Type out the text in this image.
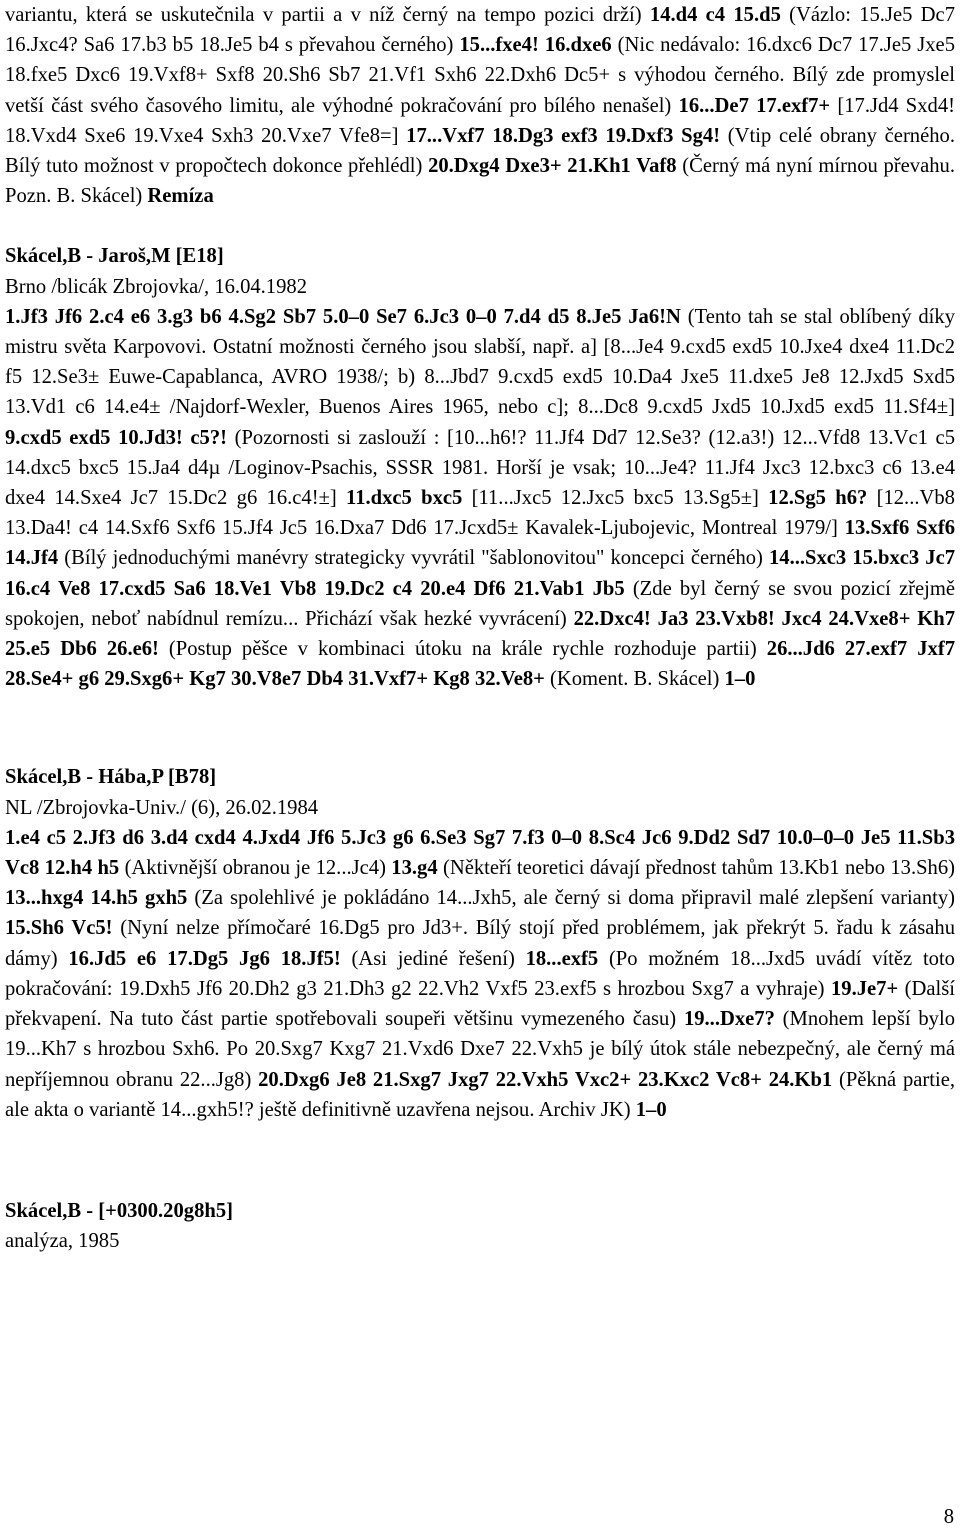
variantu, která se uskutečnila v partii a v níž černý na tempo pozici drží) 14.d4 c4 15.d5 (Vázlo: 15.Je5 Dc7 16.Jxc4? Sa6 17.b3 b5 18.Je5 b4 s převahou černého) 15...fxe4! 16.dxe6 (Nic nedávalo: 16.dxc6 Dc7 17.Je5 Jxe5 18.fxe5 Dxc6 19.Vxf8+ Sxf8 20.Sh6 Sb7 21.Vf1 Sxh6 22.Dxh6 Dc5+ s výhodou černého. Bílý zde promyslel vetší část svého časového limitu, ale výhodné pokračování pro bílého nenašel) 16...De7 17.exf7+ [17.Jd4 Sxd4! 18.Vxd4 Sxe6 19.Vxe4 Sxh3 20.Vxe7 Vfe8=] 17...Vxf7 18.Dg3 exf3 19.Dxf3 Sg4! (Vtip celé obrany černého. Bílý tuto možnost v propočtech dokonce přehlédl) 20.Dxg4 Dxe3+ 21.Kh1 Vaf8 (Černý má nyní mírnou převahu. Pozn. B. Skácel) Remíza

Skácel,B - Jaroš,M [E18]

Brno /blicák Zbrojovka/, 16.04.1982

1.Jf3 Jf6 2.c4 e6 3.g3 b6 4.Sg2 Sb7 5.0–0 Se7 6.Jc3 0–0 7.d4 d5 8.Je5 Ja6!N (Tento tah se stal oblíbený díky mistru světa Karpovovi. Ostatní možnosti černého jsou slabší, např. a] [8...Je4 9.cxd5 exd5 10.Jxe4 dxe4 11.Dc2 f5 12.Se3± Euwe-Capablanca, AVRO 1938/; b) 8...Jbd7 9.cxd5 exd5 10.Da4 Jxe5 11.dxe5 Je8 12.Jxd5 Sxd5 13.Vd1 c6 14.e4± /Najdorf-Wexler, Buenos Aires 1965, nebo c]; 8...Dc8 9.cxd5 Jxd5 10.Jxd5 exd5 11.Sf4±] 9.cxd5 exd5 10.Jd3! c5?! (Pozornosti si zaslouží : [10...h6!? 11.Jf4 Dd7 12.Se3? (12.a3!) 12...Vfd8 13.Vc1 c5 14.dxc5 bxc5 15.Ja4 d4µ /Loginov-Psachis, SSSR 1981. Horší je vsak; 10...Je4? 11.Jf4 Jxc3 12.bxc3 c6 13.e4 dxe4 14.Sxe4 Jc7 15.Dc2 g6 16.c4!±] 11.dxc5 bxc5 [11...Jxc5 12.Jxc5 bxc5 13.Sg5±] 12.Sg5 h6? [12...Vb8 13.Da4! c4 14.Sxf6 Sxf6 15.Jf4 Jc5 16.Dxa7 Dd6 17.Jcxd5± Kavalek-Ljubojevic, Montreal 1979/] 13.Sxf6 Sxf6 14.Jf4 (Bílý jednoduchými manévry strategicky vyvrátil "šablonovitou" koncepci černého) 14...Sxc3 15.bxc3 Jc7 16.c4 Ve8 17.cxd5 Sa6 18.Ve1 Vb8 19.Dc2 c4 20.e4 Df6 21.Vab1 Jb5 (Zde byl černý se svou pozicí zřejmě spokojen, neboť nabídnul remízu... Přichází však hezké vyvrácení) 22.Dxc4! Ja3 23.Vxb8! Jxc4 24.Vxe8+ Kh7 25.e5 Db6 26.e6! (Postup pěšce v kombinaci útoku na krále rychle rozhoduje partii) 26...Jd6 27.exf7 Jxf7 28.Se4+ g6 29.Sxg6+ Kg7 30.V8e7 Db4 31.Vxf7+ Kg8 32.Ve8+ (Koment. B. Skácel) 1–0

Skácel,B - Hába,P [B78]

NL /Zbrojovka-Univ./ (6), 26.02.1984

1.e4 c5 2.Jf3 d6 3.d4 cxd4 4.Jxd4 Jf6 5.Jc3 g6 6.Se3 Sg7 7.f3 0–0 8.Sc4 Jc6 9.Dd2 Sd7 10.0–0–0 Je5 11.Sb3 Vc8 12.h4 h5 (Aktivnější obranou je 12...Jc4) 13.g4 (Někteří teoretici dávají přednost tahům 13.Kb1 nebo 13.Sh6) 13...hxg4 14.h5 gxh5 (Za spolehlivé je pokládáno 14...Jxh5, ale černý si doma připravil malé zlepšení varianty) 15.Sh6 Vc5! (Nyní nelze přímočaré 16.Dg5 pro Jd3+. Bílý stojí před problémem, jak překrýt 5. řadu k zásahu dámy) 16.Jd5 e6 17.Dg5 Jg6 18.Jf5! (Asi jediné řešení) 18...exf5 (Po možném 18...Jxd5 uvádí vítěz toto pokračování: 19.Dxh5 Jf6 20.Dh2 g3 21.Dh3 g2 22.Vh2 Vxf5 23.exf5 s hrozbou Sxg7 a vyhraje) 19.Je7+ (Další překvapení. Na tuto část partie spotřebovali soupeři většinu vymezeného času) 19...Dxe7? (Mnohem lepší bylo 19...Kh7 s hrozbou Sxh6. Po 20.Sxg7 Kxg7 21.Vxd6 Dxe7 22.Vxh5 je bílý útok stále nebezpečný, ale černý má nepříjemnou obranu 22...Jg8) 20.Dxg6 Je8 21.Sxg7 Jxg7 22.Vxh5 Vxc2+ 23.Kxc2 Vc8+ 24.Kb1 (Pěkná partie, ale akta o variantě 14...gxh5!? ještě definitivně uzavřena nejsou. Archiv JK) 1–0

Skácel,B - [+0300.20g8h5]

analýza, 1985

8
